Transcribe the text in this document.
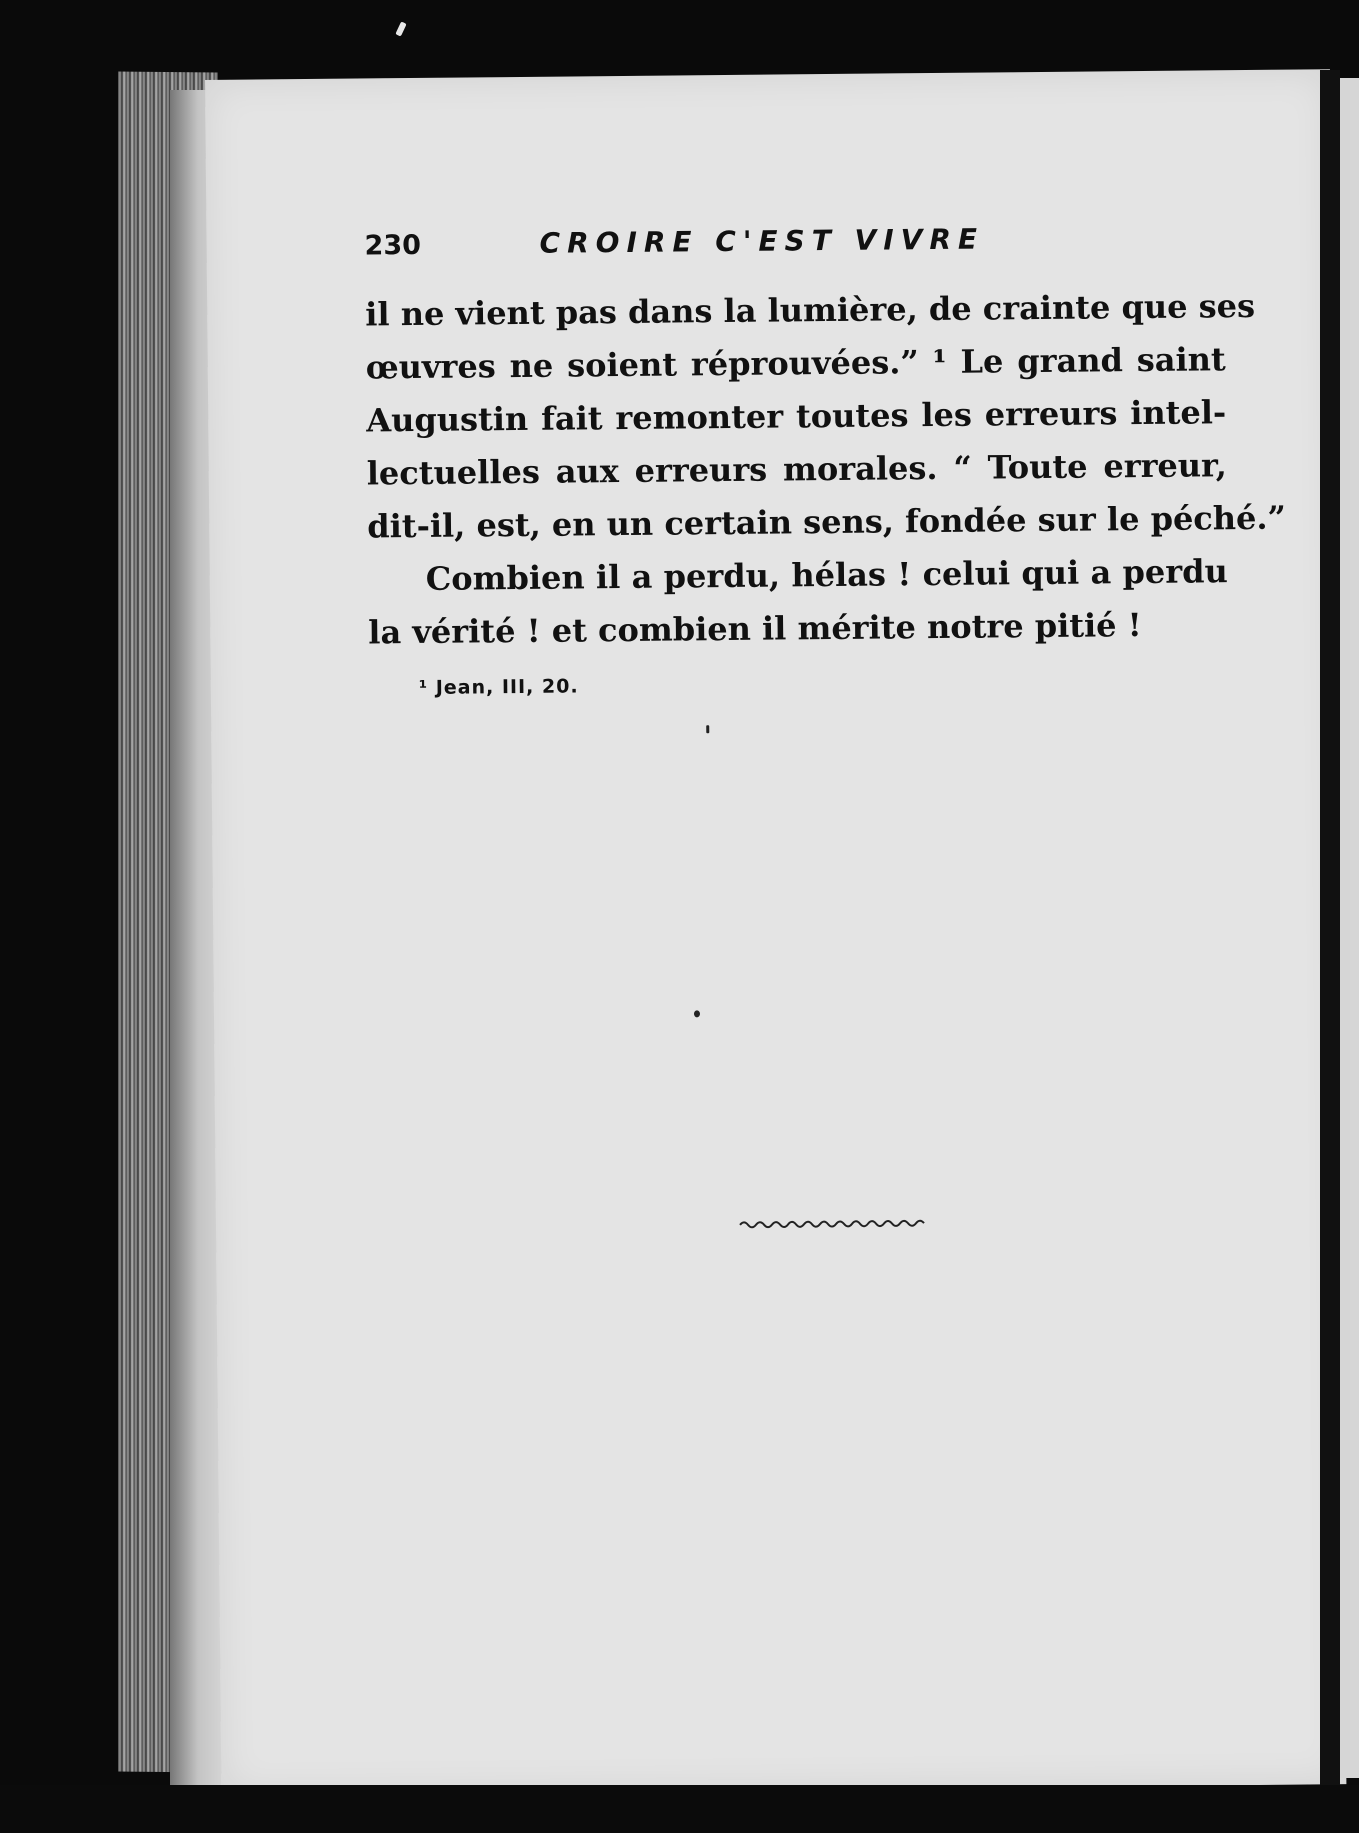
230	CROIRE C'EST VIVRE
il ne vient pas dans la lumière, de crainte que ses
œuvres ne soient réprouvées.” ¹ Le grand saint
Augustin fait remonter toutes les erreurs intel-
lectuelles aux erreurs morales. “ Toute erreur,
dit-il, est, en un certain sens, fondée sur le péché.”
Combien il a perdu, hélas ! celui qui a perdu
la vérité ! et combien il mérite notre pitié !
¹ Jean, III, 20.
